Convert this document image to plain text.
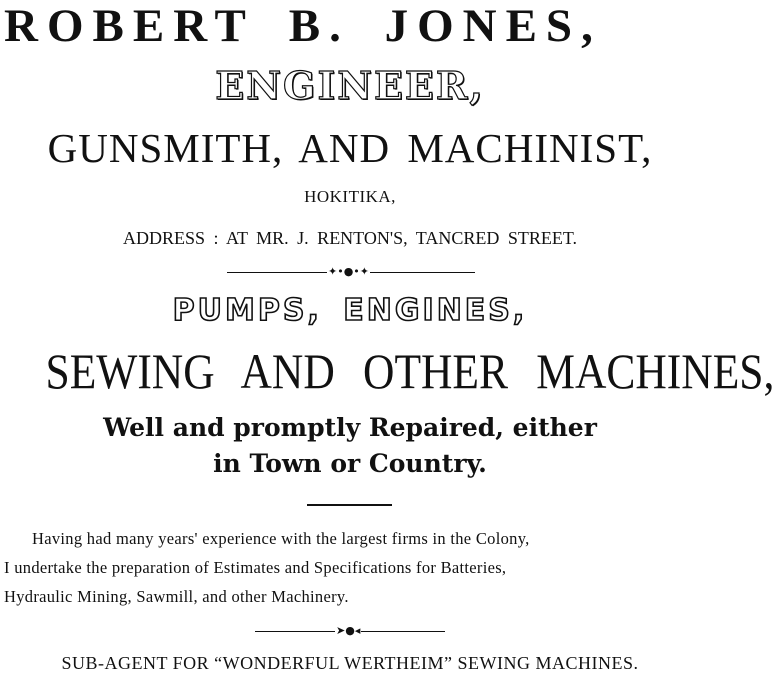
ROBERT B. JONES,
ENGINEER,
GUNSMITH, AND MACHINIST,
HOKITIKA,
ADDRESS : AT MR. J. RENTON'S, TANCRED STREET.
✦•●•✦
PUMPS, ENGINES,
SEWING AND OTHER MACHINES,
Well and promptly Repaired, either
in Town or Country.
Having had many years' experience with the largest firms in the Colony,
I undertake the preparation of Estimates and Specifications for Batteries,
Hydraulic Mining, Sawmill, and other Machinery.
➤●◂
SUB-AGENT FOR “WONDERFUL WERTHEIM” SEWING MACHINES.
